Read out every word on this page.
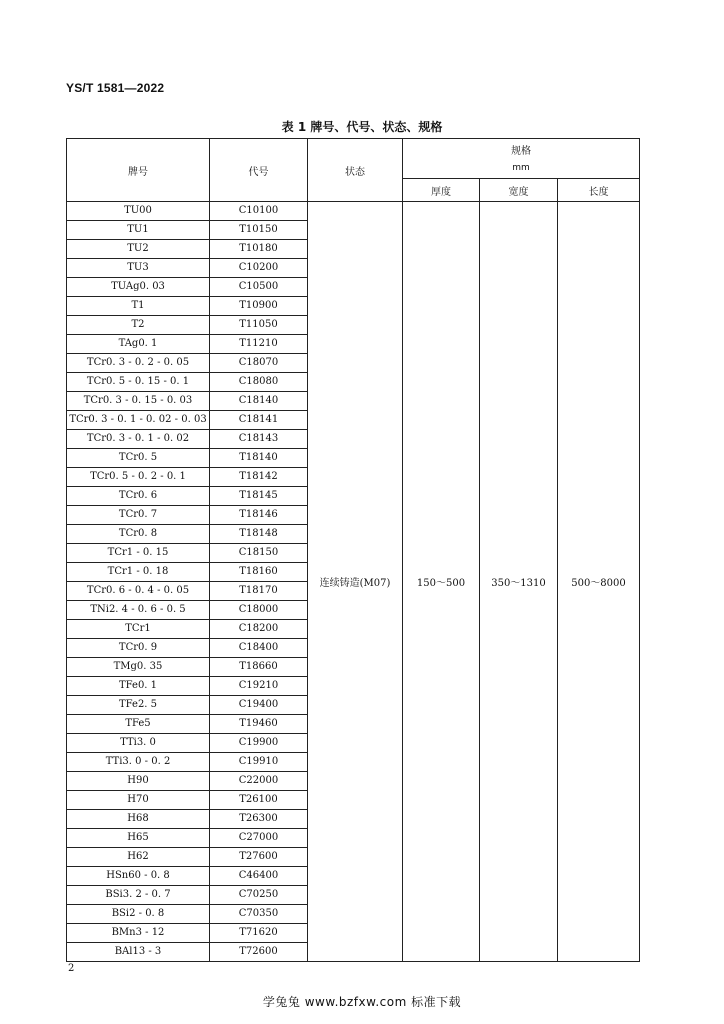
YS/T 1581—2022
表 1 牌号、代号、状态、规格
牌号	代号	状态	规格
mm		

			厚度	宽度	长度
TU00	C10100	连续铸造(M07)	150～500	350～1310	500～8000
TU1	T10150				
TU2	T10180				
TU3	C10200				
TUAg0. 03	C10500				
T1	T10900				
T2	T11050				
TAg0. 1	T11210				
TCr0. 3 - 0. 2 - 0. 05	C18070				
TCr0. 5 - 0. 15 - 0. 1	C18080				
TCr0. 3 - 0. 15 - 0. 03	C18140				
TCr0. 3 - 0. 1 - 0. 02 - 0. 03	C18141				
TCr0. 3 - 0. 1 - 0. 02	C18143				
TCr0. 5	T18140				
TCr0. 5 - 0. 2 - 0. 1	T18142				
TCr0. 6	T18145				
TCr0. 7	T18146				
TCr0. 8	T18148				
TCr1 - 0. 15	C18150				
TCr1 - 0. 18	T18160				
TCr0. 6 - 0. 4 - 0. 05	T18170				
TNi2. 4 - 0. 6 - 0. 5	C18000				
TCr1	C18200				
TCr0. 9	C18400				
TMg0. 35	T18660				
TFe0. 1	C19210				
TFe2. 5	C19400				
TFe5	T19460				
TTi3. 0	C19900				
TTi3. 0 - 0. 2	C19910				
H90	C22000				
H70	T26100				
H68	T26300				
H65	C27000				
H62	T27600				
HSn60 - 0. 8	C46400				
BSi3. 2 - 0. 7	C70250				
BSi2 - 0. 8	C70350				
BMn3 - 12	T71620				
BAl13 - 3	T72600				
2
学兔兔 www.bzfxw.com 标准下载
